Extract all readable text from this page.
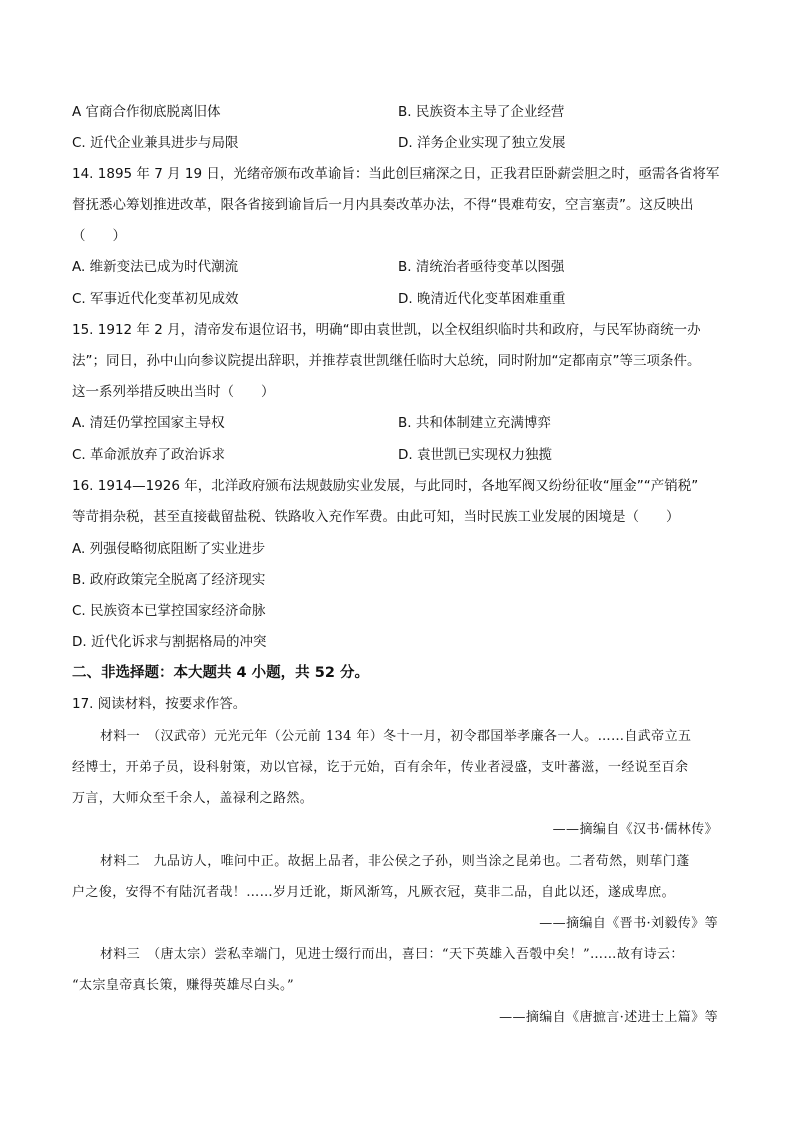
A 官商合作彻底脱离旧体	B. 民族资本主导了企业经营
C. 近代企业兼具进步与局限	D. 洋务企业实现了独立发展
14. 1895 年 7 月 19 日，光绪帝颁布改革谕旨：当此创巨痛深之日，正我君臣卧薪尝胆之时，亟需各省将军
督抚悉心筹划推进改革，限各省接到谕旨后一月内具奏改革办法，不得“畏难苟安，空言塞责”。这反映出
（　　）
A. 维新变法已成为时代潮流	B. 清统治者亟待变革以图强
C. 军事近代化变革初见成效	D. 晚清近代化变革困难重重
15. 1912 年 2 月，清帝发布退位诏书，明确“即由袁世凯，以全权组织临时共和政府，与民军协商统一办
法”；同日，孙中山向参议院提出辞职，并推荐袁世凯继任临时大总统，同时附加“定都南京”等三项条件。
这一系列举措反映出当时（　　）
A. 清廷仍掌控国家主导权	B. 共和体制建立充满博弈
C. 革命派放弃了政治诉求	D. 袁世凯已实现权力独揽
16. 1914—1926 年，北洋政府颁布法规鼓励实业发展，与此同时，各地军阀又纷纷征收“厘金”“产销税”
等苛捐杂税，甚至直接截留盐税、铁路收入充作军费。由此可知，当时民族工业发展的困境是（　　）
A. 列强侵略彻底阻断了实业进步
B. 政府政策完全脱离了经济现实
C. 民族资本已掌控国家经济命脉
D. 近代化诉求与割据格局的冲突
二、非选择题：本大题共 4 小题，共 52 分。
17. 阅读材料，按要求作答。
材料一　（汉武帝）元光元年（公元前 134 年）冬十一月，初令郡国举孝廉各一人。……自武帝立五
经博士，开弟子员，设科射策，劝以官禄，讫于元始，百有余年，传业者浸盛，支叶蕃滋，一经说至百余
万言，大师众至千余人，盖禄利之路然。
——摘编自《汉书·儒林传》
材料二　九品访人，唯问中正。故据上品者，非公侯之子孙，则当涂之昆弟也。二者苟然，则荜门蓬
户之俊，安得不有陆沉者哉！……岁月迁讹，斯风渐笃，凡厥衣冠，莫非二品，自此以还，遂成卑庶。
——摘编自《晋书·刘毅传》等
材料三　（唐太宗）尝私幸端门，见进士缀行而出，喜曰：“天下英雄入吾彀中矣！”……故有诗云：
“太宗皇帝真长策，赚得英雄尽白头。”
——摘编自《唐摭言·述进士上篇》等
